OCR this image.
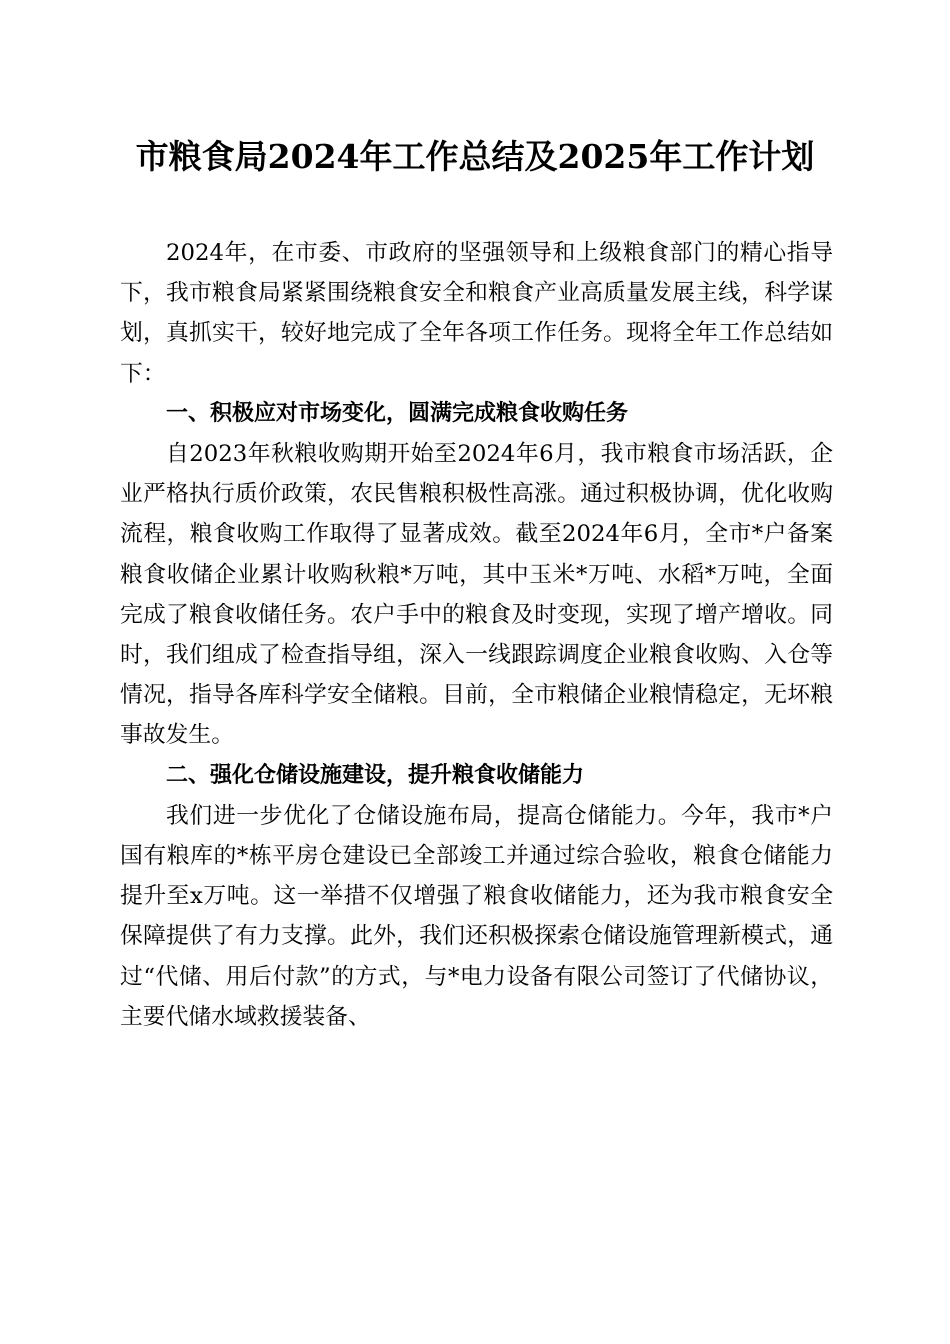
市粮食局2024年工作总结及2025年工作计划

2024年，在市委、市政府的坚强领导和上级粮食部门的精心指导下，我市粮食局紧紧围绕粮食安全和粮食产业高质量发展主线，科学谋划，真抓实干，较好地完成了全年各项工作任务。现将全年工作总结如下：

一、积极应对市场变化，圆满完成粮食收购任务

自2023年秋粮收购期开始至2024年6月，我市粮食市场活跃，企业严格执行质价政策，农民售粮积极性高涨。通过积极协调，优化收购流程，粮食收购工作取得了显著成效。截至2024年6月，全市*户备案粮食收储企业累计收购秋粮*万吨，其中玉米*万吨、水稻*万吨，全面完成了粮食收储任务。农户手中的粮食及时变现，实现了增产增收。同时，我们组成了检查指导组，深入一线跟踪调度企业粮食收购、入仓等情况，指导各库科学安全储粮。目前，全市粮储企业粮情稳定，无坏粮事故发生。

二、强化仓储设施建设，提升粮食收储能力

我们进一步优化了仓储设施布局，提高仓储能力。今年，我市*户国有粮库的*栋平房仓建设已全部竣工并通过综合验收，粮食仓储能力提升至x万吨。这一举措不仅增强了粮食收储能力，还为我市粮食安全保障提供了有力支撑。此外，我们还积极探索仓储设施管理新模式，通过“代储、用后付款”的方式，与*电力设备有限公司签订了代储协议，主要代储水域救援装备、
